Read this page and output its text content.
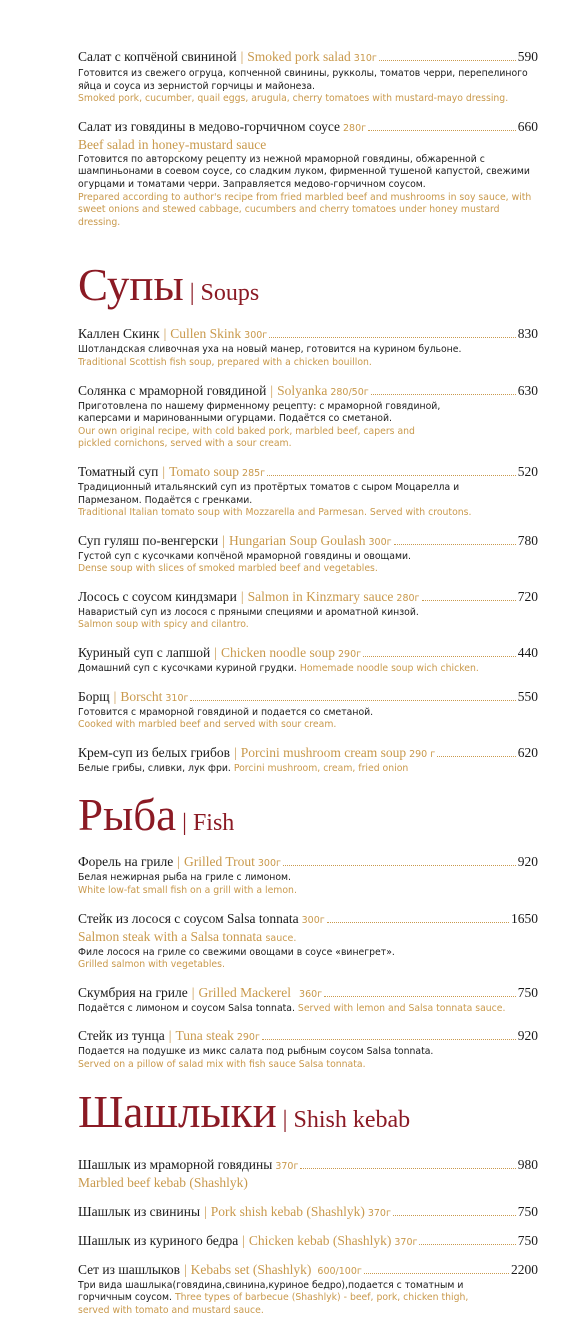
Салат с копчёной свининой | Smoked pork salad 310г	590
Готовится из свежего огруца, копченной свинины, рукколы, томатов черри, перепелиного яйца и соуса из зернистой горчицы и майонеза.
Smoked pork, cucumber, quail eggs, arugula, cherry tomatoes with mustard-mayo dressing.
Салат из говядины в медово-горчичном соусе 280г	660
Beef salad in honey-mustard sauce
Готовится по авторскому рецепту из нежной мраморной говядины, обжаренной с шампиньонами в соевом соусе, со сладким луком, фирменной тушеной капустой, свежими огурцами и томатами черри. Заправляется медово-горчичном соусом.
Prepared according to author's recipe from fried marbled beef and mushrooms in soy sauce, with sweet onions and stewed cabbage, cucumbers and cherry tomatoes under honey mustard dressing.
Супы | Soups
Каллен Скинк | Cullen Skink 300г	830
Шотландская сливочная уха на новый манер, готовится на курином бульоне.
Traditional Scottish fish soup, prepared with a chicken bouillon.
Солянка с мраморной говядиной | Solyanka 280/50г	630
Приготовлена по нашему фирменному рецепту: с мраморной говядиной, каперсами и маринованными огурцами. Подаётся со сметаной.
Our own original recipe, with cold baked pork, marbled beef, capers and pickled cornichons, served with a sour cream.
Томатный суп | Tomato soup 285г	520
Традиционный итальянский суп из протёртых томатов с сыром Моцарелла и Пармезаном. Подаётся с гренками.
Traditional Italian tomato soup with Mozzarella and Parmesan. Served with croutons.
Суп гуляш по-венгерски | Hungarian Soup Goulash 300г	780
Густой суп с кусочками копчёной мраморной говядины и овощами.
Dense soup with slices of smoked marbled beef and vegetables.
Лосось с соусом киндзмари | Salmon in Kinzmary sauce 280г	720
Наваристый суп из лосося с пряными специями и ароматной кинзой.
Salmon soup with spicy and cilantro.
Куриный суп с лапшой | Chicken noodle soup 290г	440
Домашний суп с кусочками куриной грудки. Homemade noodle soup wich chicken.
Борщ | Borscht 310г	550
Готовится с мраморной говядиной и подается со сметаной.
Cooked with marbled beef and served with sour cream.
Крем-суп из белых грибов | Porcini mushroom cream soup 290 г	620
Белые грибы, сливки, лук фри. Porcini mushroom, cream, fried onion
Рыба | Fish
Форель на гриле | Grilled Trout 300г	920
Белая нежирная рыба на гриле с лимоном.
White low-fat small fish on a grill with a lemon.
Стейк из лосося с соусом Salsa tonnata 300г	1650
Salmon steak with a Salsa tonnata sauce.
Филе лосося на гриле со свежими овощами в соусе «винегрет».
Grilled salmon with vegetables.
Скумбрия на гриле | Grilled Mackerel 360г	750
Подаётся с лимоном и соусом Salsa tonnata. Served with lemon and Salsa tonnata sauce.
Стейк из тунца | Tuna steak 290г	920
Подается на подушке из микс салата под рыбным соусом Salsa tonnata.
Served on a pillow of salad mix with fish sauce Salsa tonnata.
Шашлыки | Shish kebab
Шашлык из мраморной говядины 370г	980
Marbled beef kebab (Shashlyk)
Шашлык из свинины | Pork shish kebab (Shashlyk) 370г	750
Шашлык из куриного бедра | Chicken kebab (Shashlyk) 370г	750
Сет из шашлыков | Kebabs set (Shashlyk) 600/100г	2200
Три вида шашлыка(говядина,свинина,куриное бедро),подается с томатным и горчичным соусом. Three types of barbecue (Shashlyk) - beef, pork, chicken thigh, served with tomato and mustard sauce.
